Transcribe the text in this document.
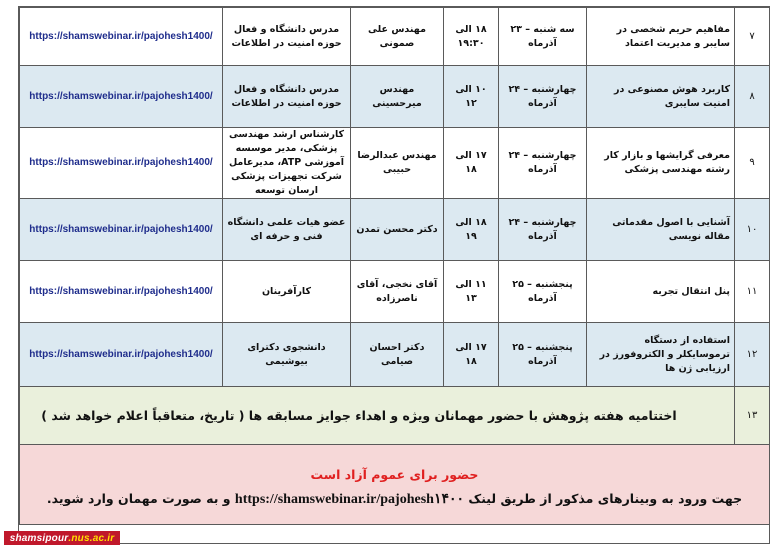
۷	مفاهیم حریم شخصی در سایبر و مدیریت اعتماد	سه شنبه – ۲۳ آذرماه	۱۸ الی ۱۹:۳۰	مهندس علی صمونی	مدرس دانشگاه و فعال حوزه امنیت در اطلاعات	https://shamswebinar.ir/pajohesh1400/
۸	کاربرد هوش مصنوعی در امنیت سایبری	چهارشنبه – ۲۴ آذرماه	۱۰ الی ۱۲	مهندس میرحسینی	مدرس دانشگاه و فعال حوزه امنیت در اطلاعات	https://shamswebinar.ir/pajohesh1400/
۹	معرفی گرایشها و بازار کار رشته مهندسی پزشکی	چهارشنبه – ۲۴ آذرماه	۱۷ الی ۱۸	مهندس عبدالرضا حبیبی	کارشناس ارشد مهندسی پزشکی، مدیر موسسه آموزشی ATP، مدیرعامل شرکت تجهیزات پزشکی ارسان توسعه	https://shamswebinar.ir/pajohesh1400/
۱۰	آشنایی با اصول مقدماتی مقاله نویسی	چهارشنبه – ۲۴ آذرماه	۱۸ الی ۱۹	دکتر محسن تمدن	عضو هیات علمی دانشگاه فنی و حرفه ای	https://shamswebinar.ir/pajohesh1400/
۱۱	پنل انتقال تجربه	پنجشنبه – ۲۵ آذرماه	۱۱ الی ۱۳	آقای نخجی، آقای ناصرزاده	کارآفرینان	https://shamswebinar.ir/pajohesh1400/
۱۲	استفاده از دستگاه ترموسایکلر و الکتروفورز در ارزیابی ژن ها	پنجشنبه – ۲۵ آذرماه	۱۷ الی ۱۸	دکتر احسان صیامی	دانشجوی دکترای بیوشیمی	https://shamswebinar.ir/pajohesh1400/
۱۳	اختتامیه هفته پژوهش با حضور مهمانان ویژه و اهداء جوایز مسابقه ها ( تاریخ، متعاقباً اعلام خواهد شد )					

حضور برای عموم آزاد است
جهت ورود به وبینارهای مذکور از طریق لینک https://shamswebinar.ir/pajohesh۱۴۰۰ و به صورت مهمان وارد شوید.						
shamsipour .nus.ac.ir
